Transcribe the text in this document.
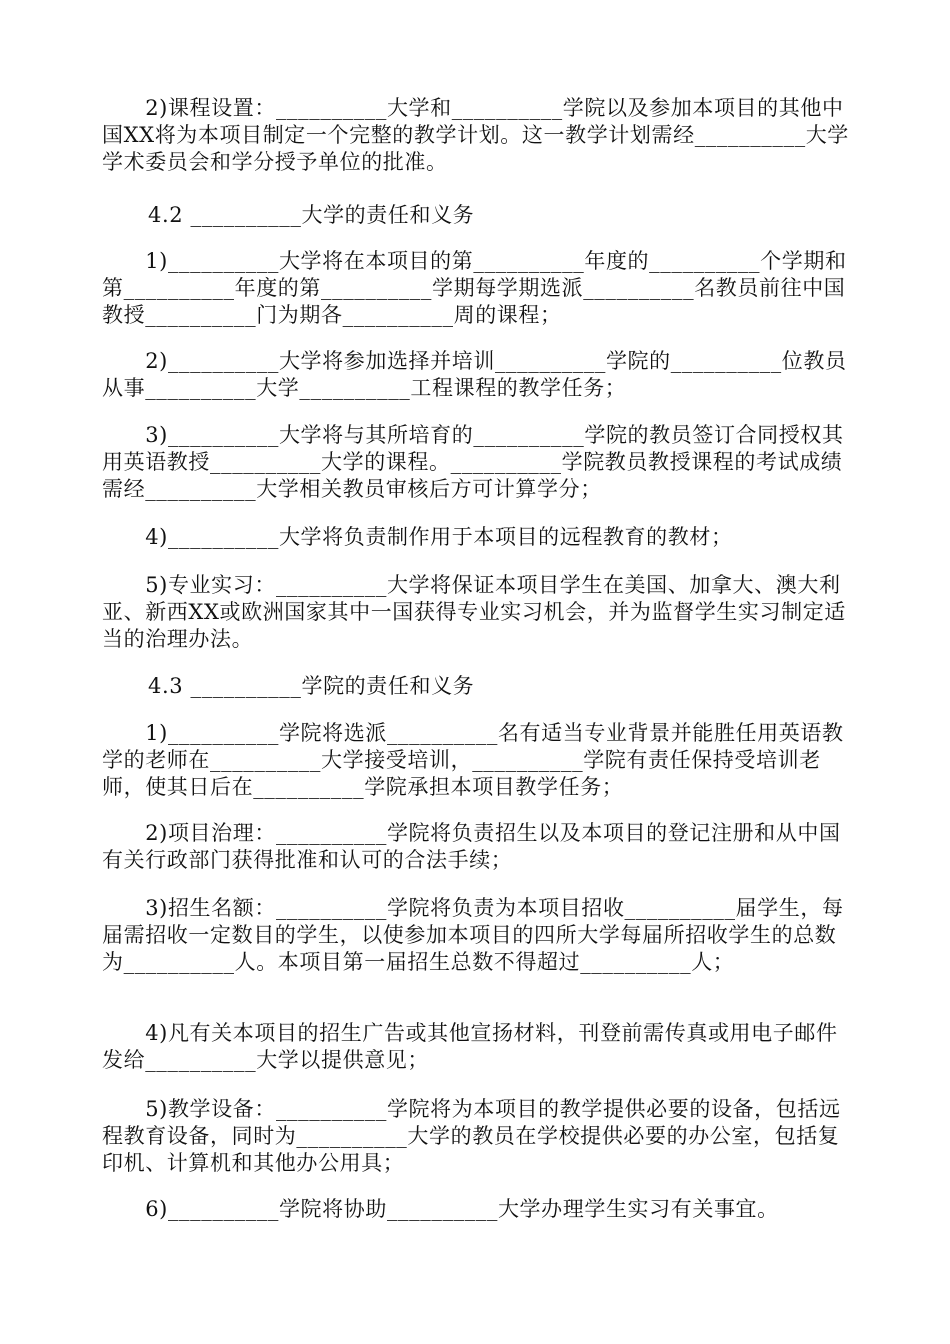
　　2)课程设置：__________大学和__________学院以及参加本项目的其他中国XX将为本项目制定一个完整的教学计划。这一教学计划需经__________大学学术委员会和学分授予单位的批准。

4.2 __________大学的责任和义务

　　1)__________大学将在本项目的第__________年度的__________个学期和第__________年度的第__________学期每学期选派__________名教员前往中国教授__________门为期各__________周的课程；

　　2)__________大学将参加选择并培训__________学院的__________位教员从事__________大学__________工程课程的教学任务；

　　3)__________大学将与其所培育的__________学院的教员签订合同授权其用英语教授__________大学的课程。__________学院教员教授课程的考试成绩需经__________大学相关教员审核后方可计算学分；

　　4)__________大学将负责制作用于本项目的远程教育的教材；

　　5)专业实习：__________大学将保证本项目学生在美国、加拿大、澳大利亚、新西XX或欧洲国家其中一国获得专业实习机会，并为监督学生实习制定适当的治理办法。

4.3 __________学院的责任和义务

　　1)__________学院将选派__________名有适当专业背景并能胜任用英语教学的老师在__________大学接受培训，__________学院有责任保持受培训老师，使其日后在__________学院承担本项目教学任务；

　　2)项目治理：__________学院将负责招生以及本项目的登记注册和从中国有关行政部门获得批准和认可的合法手续；

　　3)招生名额：__________学院将负责为本项目招收__________届学生，每届需招收一定数目的学生，以使参加本项目的四所大学每届所招收学生的总数为__________人。本项目第一届招生总数不得超过__________人；

　　4)凡有关本项目的招生广告或其他宣扬材料，刊登前需传真或用电子邮件发给__________大学以提供意见；

　　5)教学设备：__________学院将为本项目的教学提供必要的设备，包括远程教育设备，同时为__________大学的教员在学校提供必要的办公室，包括复印机、计算机和其他办公用具；

　　6)__________学院将协助__________大学办理学生实习有关事宜。
